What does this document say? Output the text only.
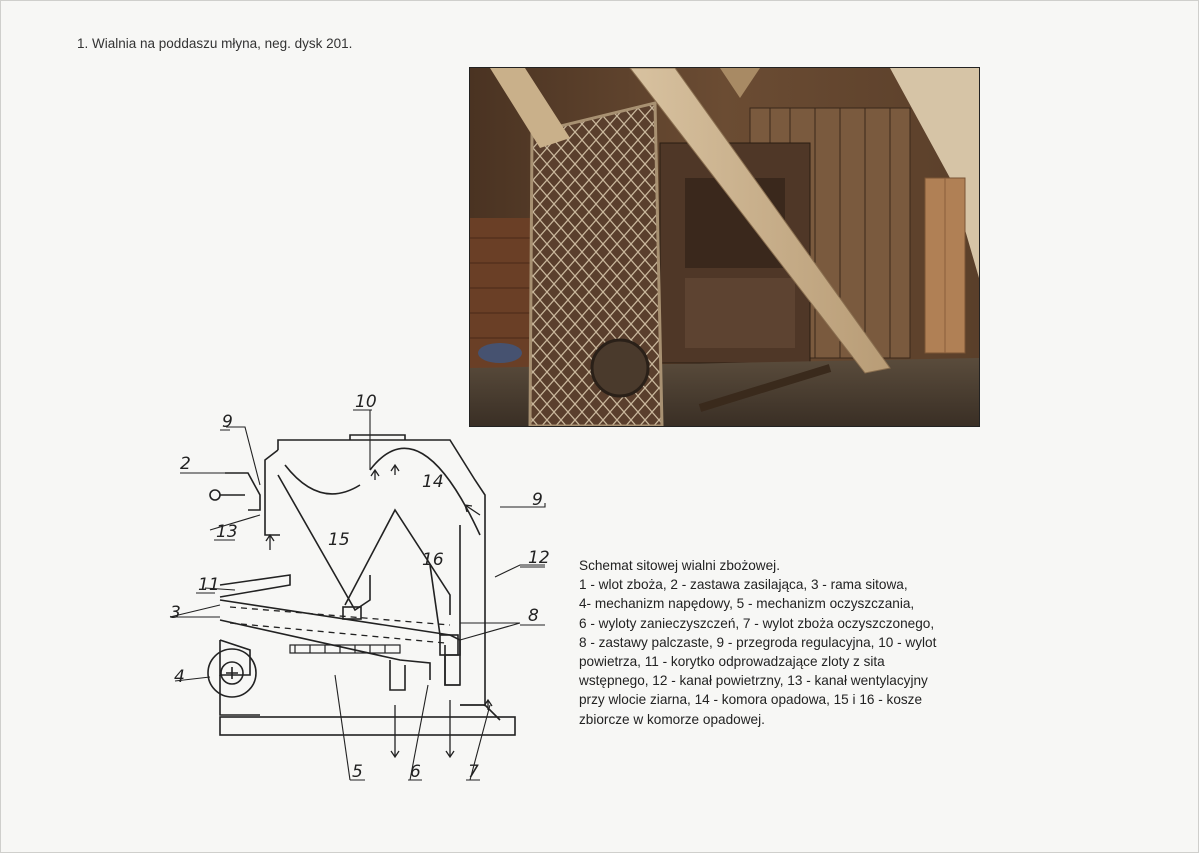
1. Wialnia na poddaszu młyna, neg. dysk 201.
10
9
2
13
11
3
4
14
15
16
9
12
8
5	6	7
Schemat sitowej wialni zbożowej.
1 - wlot zboża, 2 - zastawa zasilająca, 3 - rama sitowa,
4- mechanizm napędowy, 5 - mechanizm oczyszczania,
6 - wyloty zanieczyszczeń, 7 - wylot zboża oczyszczonego,
8 - zastawy palczaste, 9 - przegroda regulacyjna, 10 - wylot
powietrza, 11 - korytko odprowadzające zloty z sita
wstępnego, 12 - kanał powietrzny, 13 - kanał wentylacyjny
przy wlocie ziarna, 14 - komora opadowa, 15 i 16 - kosze
zbiorcze w komorze opadowej.
